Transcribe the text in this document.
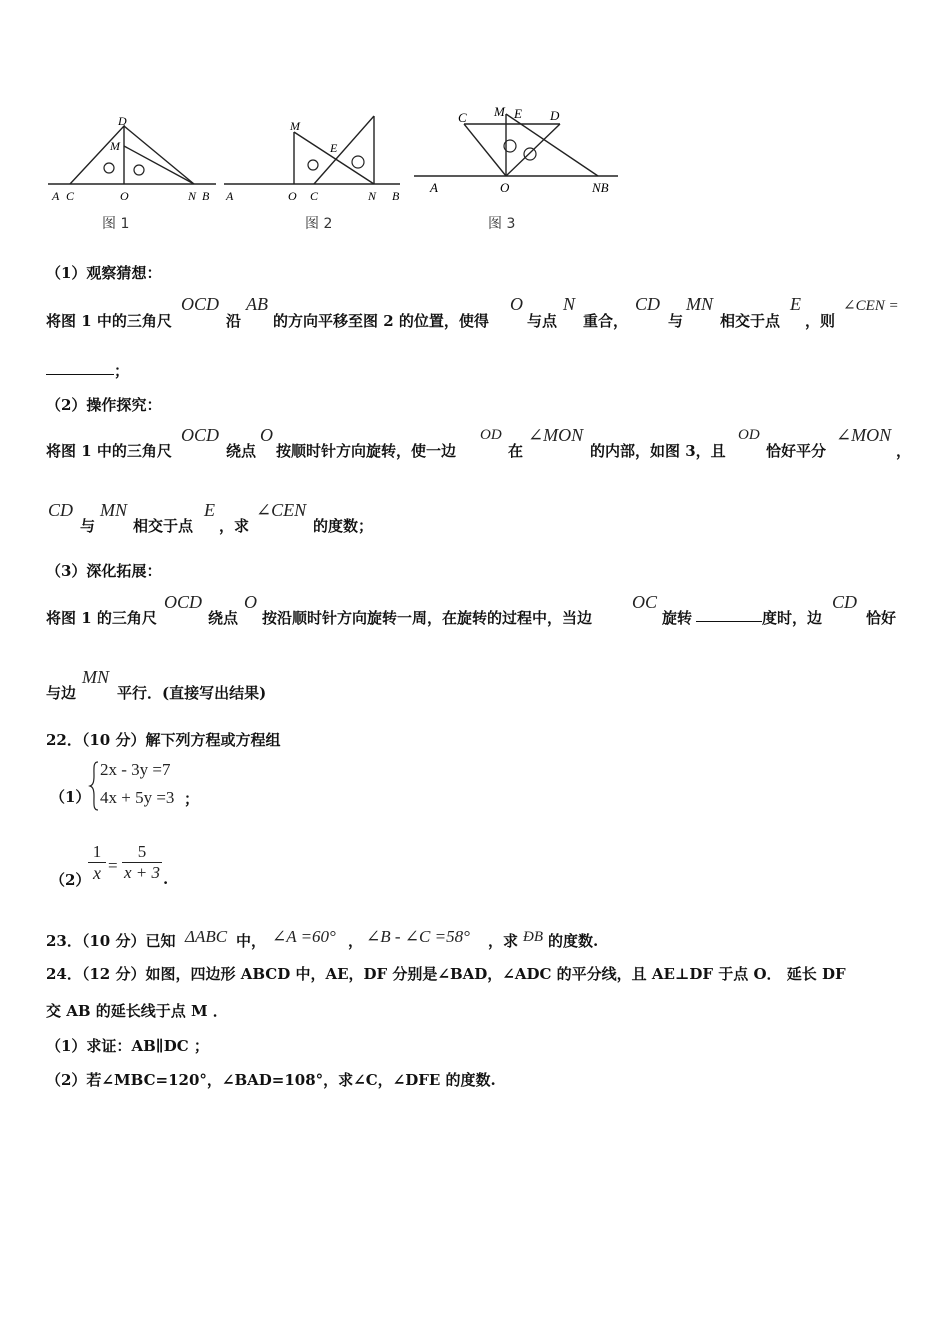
D
M
A C	O	N B
图 1
M
E
A	O C	N B
图 2
C M E D
A	O	NB
图 3
（1）观察猜想：
将图 1 中的三角尺
OCD
沿
AB
的方向平移至图 2 的位置，使得
O
与点
N
重合，
CD
与
MN
相交于点
E
，则
∠CEN =
；
（2）操作探究：
将图 1 中的三角尺
OCD
绕点
O
按顺时针方向旋转，使一边
OD
在
∠MON
的内部，如图 3，且
OD
恰好平分
∠MON
，
CD
与
MN
相交于点
E
，求
∠CEN
的度数；
（3）深化拓展：
将图 1 的三角尺
OCD
绕点
O
按沿顺时针方向旋转一周，在旋转的过程中，当边
OC
旋转	度时，边
CD
恰好
与边
MN
平行．(直接写出结果)
22．（10 分）解下列方程或方程组
（1）
2x - 3y =7
4x + 5y =3 ；
（2）
1
x =
5
x + 3 .
23．（10 分）已知 ΔABC 中， ∠A =60° ， ∠B - ∠C =58° ，求 ÐB 的度数.
24．（12 分）如图，四边形 ABCD 中，AE，DF 分别是∠BAD，∠ADC 的平分线，且 AE⊥DF 于点 O． 延长 DF
交 AB 的延长线于点 M ．
（1）求证：AB∥DC ；
（2）若∠MBC=120°，∠BAD=108°，求∠C，∠DFE 的度数.
